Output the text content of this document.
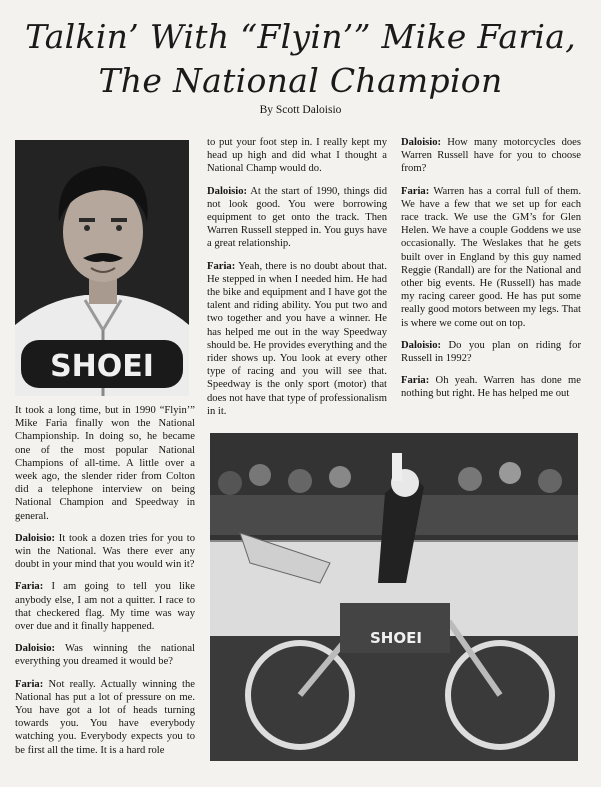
Talkin’ With “Flyin’” Mike Faria,
The National Champion
By Scott Daloisio
SHOEI
SHOEI

It took a long time, but in 1990 “Flyin’” Mike Faria finally won the National Championship. In doing so, he became one of the most popular National Champions of all-time. A little over a week ago, the slender rider from Colton did a telephone interview on being National Champion and Speedway in general.

Daloisio: It took a dozen tries for you to win the National. Was there ever any doubt in your mind that you would win it?

Faria: I am going to tell you like anybody else, I am not a quitter. I race to that checkered flag. My time was way over due and it finally happened.

Daloisio: Was winning the national everything you dreamed it would be?

Faria: Not really. Actually winning the National has put a lot of pressure on me. You have got a lot of heads turning towards you. You have everybody watching you. Everybody expects you to be first all the time. It is a hard role

to put your foot step in. I really kept my head up high and did what I thought a National Champ would do.

Daloisio: At the start of 1990, things did not look good. You were borrowing equipment to get onto the track. Then Warren Russell stepped in. You guys have a great relationship.

Faria: Yeah, there is no doubt about that. He stepped in when I needed him. He had the bike and equipment and I have got the talent and riding ability. You put two and two together and you have a winner. He has helped me out in the way Speedway should be. He provides everything and the rider shows up. You look at every other type of racing and you will see that. Speedway is the only sport (motor) that does not have that type of professionalism in it.

Daloisio: How many motorcycles does Warren Russell have for you to choose from?

Faria: Warren has a corral full of them. We have a few that we set up for each race track. We use the GM’s for Glen Helen. We have a couple Goddens we use occasionally. The Weslakes that he gets built over in England by this guy named Reggie (Randall) are for the National and other big events. He (Russell) has made my racing career good. He has put some really good motors between my legs. That is where we come out on top.

Daloisio: Do you plan on riding for Russell in 1992?

Faria: Oh yeah. Warren has done me nothing but right. He has helped me out
